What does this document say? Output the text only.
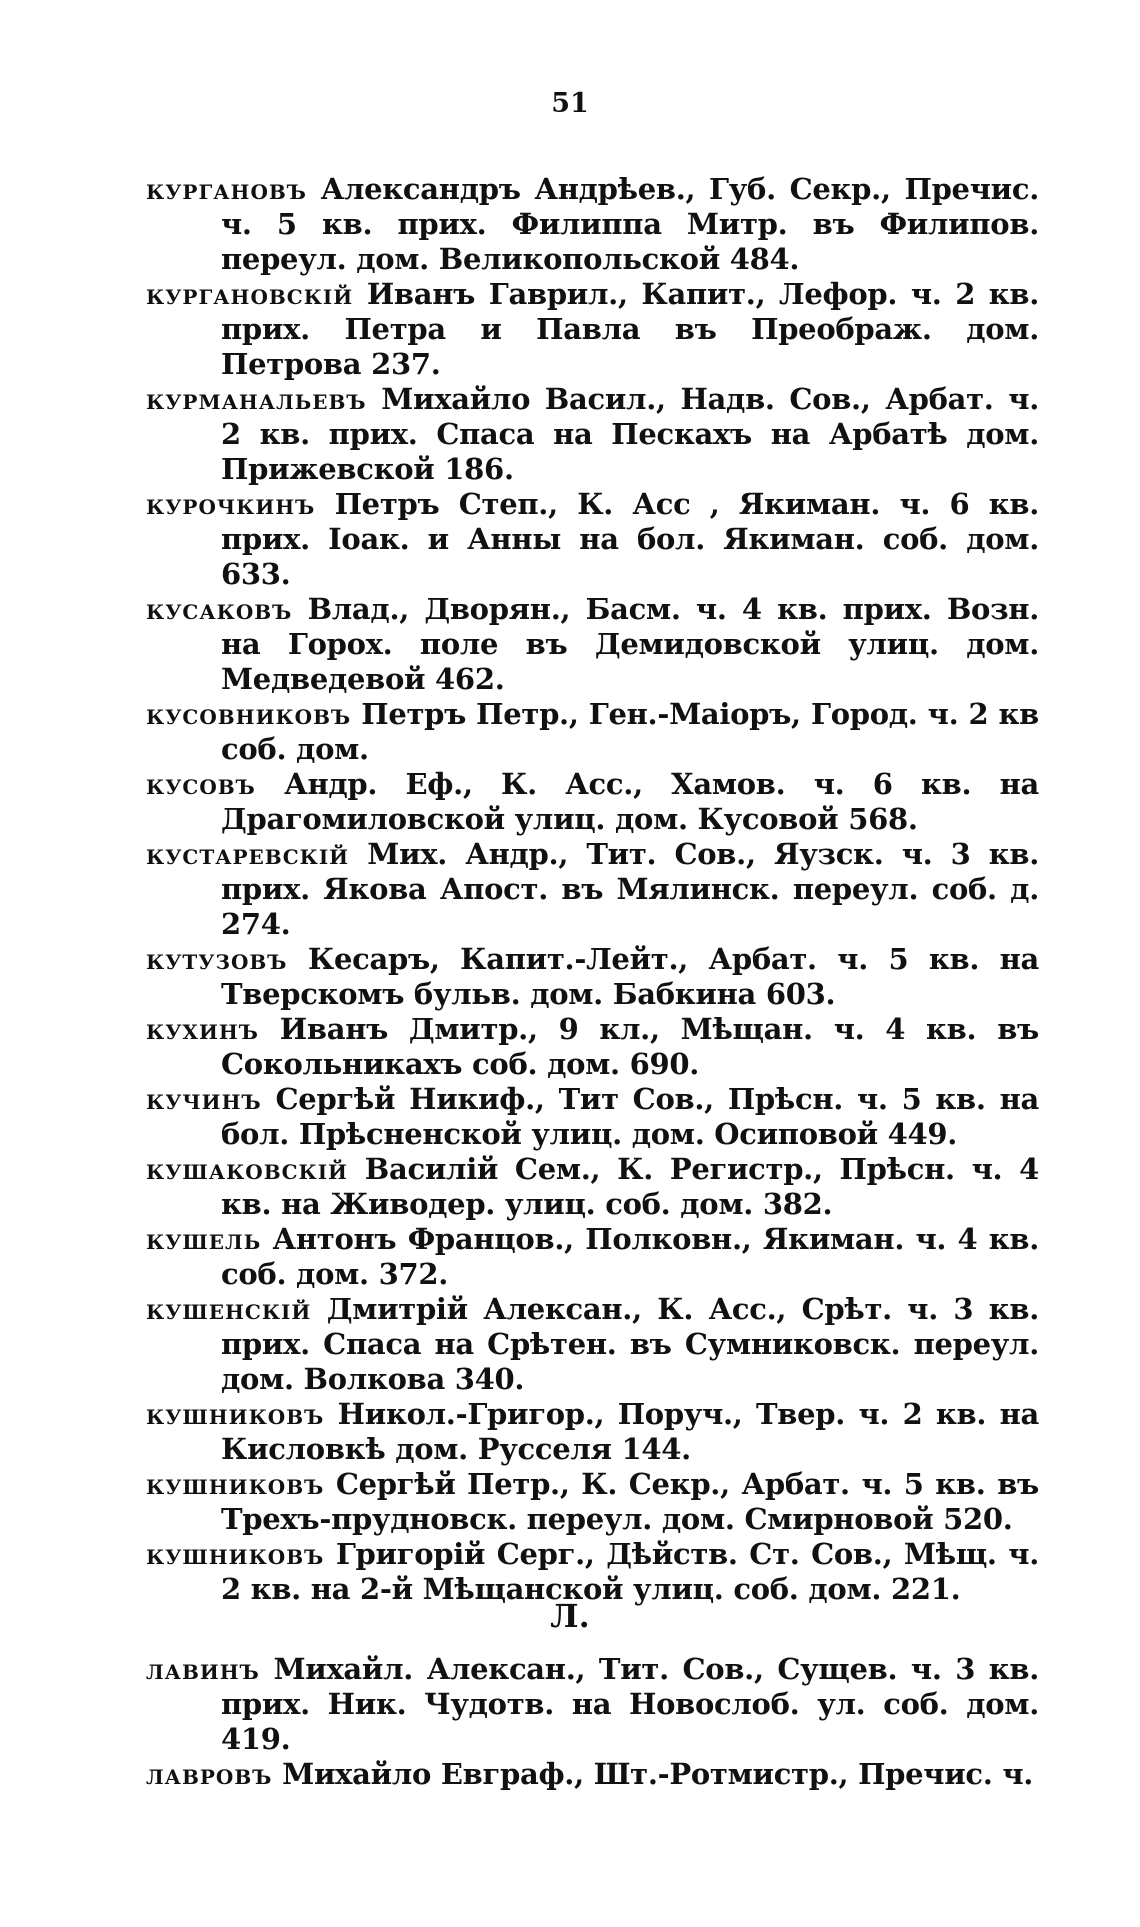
51

кургановъ Александръ Андрѣев., Губ. Секр., Пречис. ч. 5 кв. прих. Филиппа Митр. въ Филипов. переул. дом. Великопольской 484.

кургановскій Иванъ Гаврил., Капит., Лефор. ч. 2 кв. прих. Петра и Павла въ Преображ. дом. Петрова 237.

курманальевъ Михайло Васил., Надв. Сов., Арбат. ч. 2 кв. прих. Спаса на Пескахъ на Арбатѣ дом. Прижевской 186.

курочкинъ Петръ Степ., К. Асс , Якиман. ч. 6 кв. прих. Іоак. и Анны на бол. Якиман. соб. дом. 633.

кусаковъ Влад., Дворян., Басм. ч. 4 кв. прих. Возн. на Горох. поле въ Демидовской улиц. дом. Медведевой 462.

кусовниковъ Петръ Петр., Ген.-Маіоръ, Город. ч. 2 кв соб. дом.

кусовъ Андр. Еф., К. Асс., Хамов. ч. 6 кв. на Драгомиловской улиц. дом. Кусовой 568.

кустаревскій Мих. Андр., Тит. Сов., Яузск. ч. 3 кв. прих. Якова Апост. въ Мялинск. переул. соб. д. 274.

кутузовъ Кесаръ, Капит.-Лейт., Арбат. ч. 5 кв. на Тверскомъ бульв. дом. Бабкина 603.

кухинъ Иванъ Дмитр., 9 кл., Мѣщан. ч. 4 кв. въ Сокольникахъ соб. дом. 690.

кучинъ Сергѣй Никиф., Тит Сов., Прѣсн. ч. 5 кв. на бол. Прѣсненской улиц. дом. Осиповой 449.

кушаковскій Василій Сем., К. Регистр., Прѣсн. ч. 4 кв. на Живодер. улиц. соб. дом. 382.

кушель Антонъ Францов., Полковн., Якиман. ч. 4 кв. соб. дом. 372.

кушенскій Дмитрій Алексан., К. Асс., Срѣт. ч. 3 кв. прих. Спаса на Срѣтен. въ Сумниковск. переул. дом. Волкова 340.

кушниковъ Никол.-Григор., Поруч., Твер. ч. 2 кв. на Кисловкѣ дом. Русселя 144.

кушниковъ Сергѣй Петр., К. Секр., Арбат. ч. 5 кв. въ Трехъ-прудновск. переул. дом. Смирновой 520.

кушниковъ Григорій Серг., Дѣйств. Ст. Сов., Мѣщ. ч. 2 кв. на 2-й Мѣщанской улиц. соб. дом. 221.

Л.

лавинъ Михайл. Алексан., Тит. Сов., Сущев. ч. 3 кв. прих. Ник. Чудотв. на Новослоб. ул. соб. дом. 419.

лавровъ Михайло Евграф., Шт.-Ротмистр., Пречис. ч.
